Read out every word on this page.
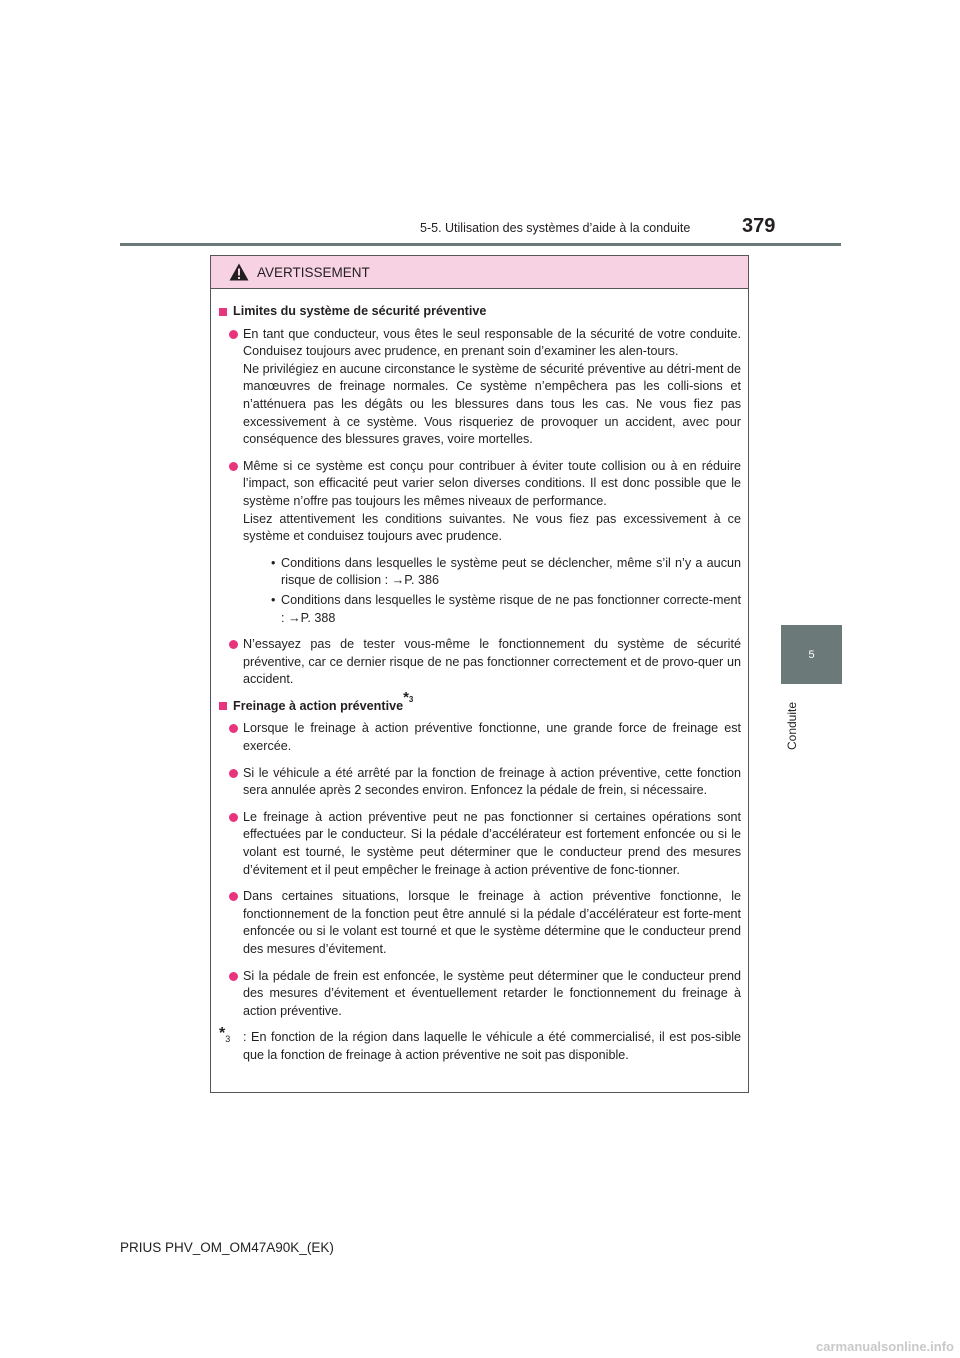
5-5. Utilisation des systèmes d’aide à la conduite	379
5
Conduite
AVERTISSEMENT
Limites du système de sécurité préventive

En tant que conducteur, vous êtes le seul responsable de la sécurité de votre conduite. Conduisez toujours avec prudence, en prenant soin d’examiner les alen-tours.

Ne privilégiez en aucune circonstance le système de sécurité préventive au détri-ment de manœuvres de freinage normales. Ce système n’empêchera pas les colli-sions et n’atténuera pas les dégâts ou les blessures dans tous les cas. Ne vous fiez pas excessivement à ce système. Vous risqueriez de provoquer un accident, avec pour conséquence des blessures graves, voire mortelles.

Même si ce système est conçu pour contribuer à éviter toute collision ou à en réduire l’impact, son efficacité peut varier selon diverses conditions. Il est donc possible que le système n’offre pas toujours les mêmes niveaux de performance.

Lisez attentivement les conditions suivantes. Ne vous fiez pas excessivement à ce système et conduisez toujours avec prudence.

• Conditions dans lesquelles le système peut se déclencher, même s’il n’y a aucun risque de collision : →P. 386
• Conditions dans lesquelles le système risque de ne pas fonctionner correcte-ment : →P. 388

N’essayez pas de tester vous-même le fonctionnement du système de sécurité préventive, car ce dernier risque de ne pas fonctionner correctement et de provo-quer un accident.

Freinage à action préventive *3

Lorsque le freinage à action préventive fonctionne, une grande force de freinage est exercée.

Si le véhicule a été arrêté par la fonction de freinage à action préventive, cette fonction sera annulée après 2 secondes environ. Enfoncez la pédale de frein, si nécessaire.

Le freinage à action préventive peut ne pas fonctionner si certaines opérations sont effectuées par le conducteur. Si la pédale d’accélérateur est fortement enfoncée ou si le volant est tourné, le système peut déterminer que le conducteur prend des mesures d’évitement et il peut empêcher le freinage à action préventive de fonc-tionner.

Dans certaines situations, lorsque le freinage à action préventive fonctionne, le fonctionnement de la fonction peut être annulé si la pédale d’accélérateur est forte-ment enfoncée ou si le volant est tourné et que le système détermine que le conducteur prend des mesures d’évitement.

Si la pédale de frein est enfoncée, le système peut déterminer que le conducteur prend des mesures d’évitement et éventuellement retarder le fonctionnement du freinage à action préventive.

$*_3$ : En fonction de la région dans laquelle le véhicule a été commercialisé, il est pos-sible que la fonction de freinage à action préventive ne soit pas disponible.
PRIUS PHV_OM_OM47A90K_(EK)
carmanualsonline.info
